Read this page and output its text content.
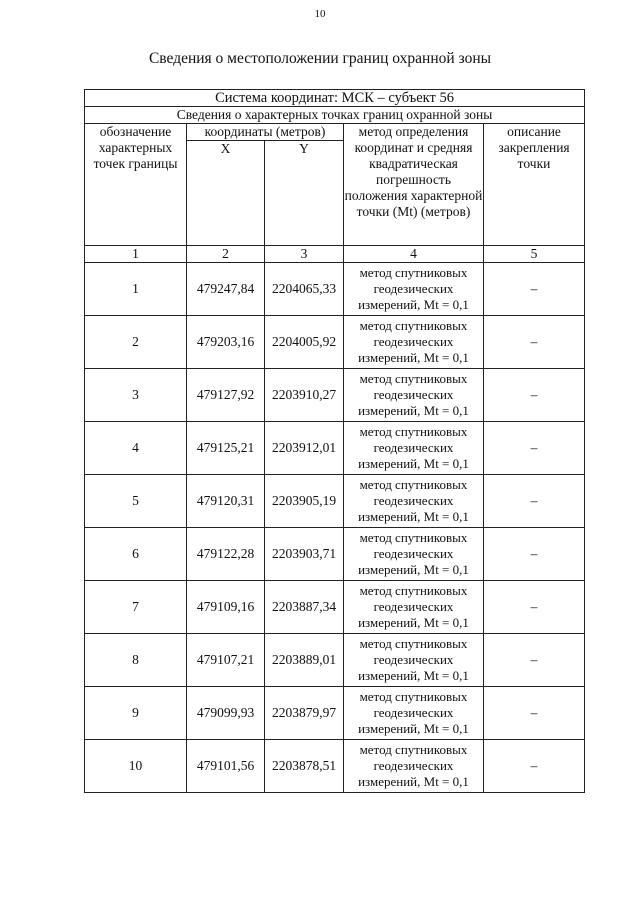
10
Сведения о местоположении границ охранной зоны
Система координат: МСК – субъект 56				
Сведения о характерных точках границ охранной зоны				
обозначение характерных точек границы	координаты (метров)		метод определения координат и средняя квадратическая погрешность положения характерной точки (Mt) (метров)	описание закрепления точки
	X	Y		
1	2	3	4	5
1	479247,84	2204065,33	метод спутниковых геодезических измерений, Mt = 0,1	–
2	479203,16	2204005,92	метод спутниковых геодезических измерений, Mt = 0,1	–
3	479127,92	2203910,27	метод спутниковых геодезических измерений, Mt = 0,1	–
4	479125,21	2203912,01	метод спутниковых геодезических измерений, Mt = 0,1	–
5	479120,31	2203905,19	метод спутниковых геодезических измерений, Mt = 0,1	–
6	479122,28	2203903,71	метод спутниковых геодезических измерений, Mt = 0,1	–
7	479109,16	2203887,34	метод спутниковых геодезических измерений, Mt = 0,1	–
8	479107,21	2203889,01	метод спутниковых геодезических измерений, Mt = 0,1	–
9	479099,93	2203879,97	метод спутниковых геодезических измерений, Mt = 0,1	–
10	479101,56	2203878,51	метод спутниковых геодезических измерений, Mt = 0,1	–
